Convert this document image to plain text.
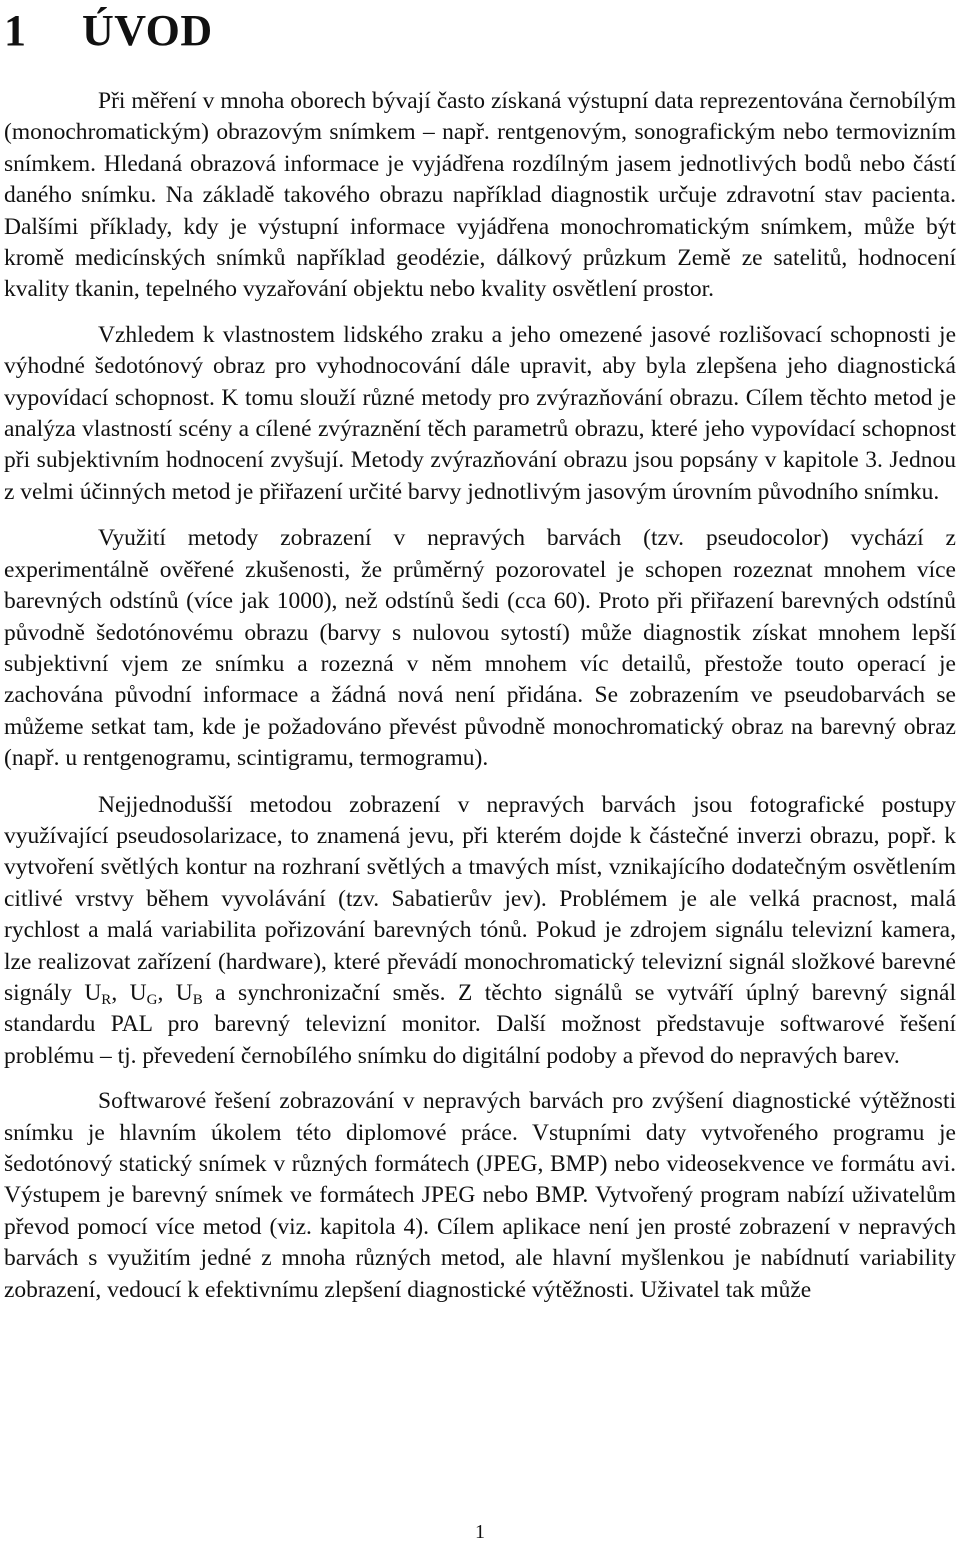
1 ÚVOD

Při měření v mnoha oborech bývají často získaná výstupní data reprezentována černobílým (monochromatickým) obrazovým snímkem – např. rentgenovým, sonografickým nebo termovizním snímkem. Hledaná obrazová informace je vyjádřena rozdílným jasem jednotlivých bodů nebo částí daného snímku. Na základě takového obrazu například diagnostik určuje zdravotní stav pacienta. Dalšími příklady, kdy je výstupní informace vyjádřena monochromatickým snímkem, může být kromě medicínských snímků například geodézie, dálkový průzkum Země ze satelitů, hodnocení kvality tkanin, tepelného vyzařování objektu nebo kvality osvětlení prostor.

Vzhledem k vlastnostem lidského zraku a jeho omezené jasové rozlišovací schopnosti je výhodné šedotónový obraz pro vyhodnocování dále upravit, aby byla zlepšena jeho diagnostická vypovídací schopnost. K tomu slouží různé metody pro zvýrazňování obrazu. Cílem těchto metod je analýza vlastností scény a cílené zvýraznění těch parametrů obrazu, které jeho vypovídací schopnost při subjektivním hodnocení zvyšují. Metody zvýrazňování obrazu jsou popsány v kapitole 3. Jednou z velmi účinných metod je přiřazení určité barvy jednotlivým jasovým úrovním původního snímku.

Využití metody zobrazení v nepravých barvách (tzv. pseudocolor) vychází z experimentálně ověřené zkušenosti, že průměrný pozorovatel je schopen rozeznat mnohem více barevných odstínů (více jak 1000), než odstínů šedi (cca 60). Proto při přiřazení barevných odstínů původně šedotónovému obrazu (barvy s nulovou sytostí) může diagnostik získat mnohem lepší subjektivní vjem ze snímku a rozezná v něm mnohem víc detailů, přestože touto operací je zachována původní informace a žádná nová není přidána. Se zobrazením ve pseudobarvách se můžeme setkat tam, kde je požadováno převést původně monochromatický obraz na barevný obraz (např. u rentgenogramu, scintigramu, termogramu).

Nejjednodušší metodou zobrazení v nepravých barvách jsou fotografické postupy využívající pseudosolarizace, to znamená jevu, při kterém dojde k částečné inverzi obrazu, popř. k vytvoření světlých kontur na rozhraní světlých a tmavých míst, vznikajícího dodatečným osvětlením citlivé vrstvy během vyvolávání (tzv. Sabatierův jev). Problémem je ale velká pracnost, malá rychlost a malá variabilita pořizování barevných tónů. Pokud je zdrojem signálu televizní kamera, lze realizovat zařízení (hardware), které převádí monochromatický televizní signál složkové barevné signály $U_R$, $U_G$, $U_B$ a synchronizační směs. Z těchto signálů se vytváří úplný barevný signál standardu PAL pro barevný televizní monitor. Další možnost představuje softwarové řešení problému – tj. převedení černobílého snímku do digitální podoby a převod do nepravých barev.

Softwarové řešení zobrazování v nepravých barvách pro zvýšení diagnostické výtěžnosti snímku je hlavním úkolem této diplomové práce. Vstupními daty vytvořeného programu je šedotónový statický snímek v různých formátech (JPEG, BMP) nebo videosekvence ve formátu avi. Výstupem je barevný snímek ve formátech JPEG nebo BMP. Vytvořený program nabízí uživatelům převod pomocí více metod (viz. kapitola 4). Cílem aplikace není jen prosté zobrazení v nepravých barvách s využitím jedné z mnoha různých metod, ale hlavní myšlenkou je nabídnutí variability zobrazení, vedoucí k efektivnímu zlepšení diagnostické výtěžnosti. Uživatel tak může

1
